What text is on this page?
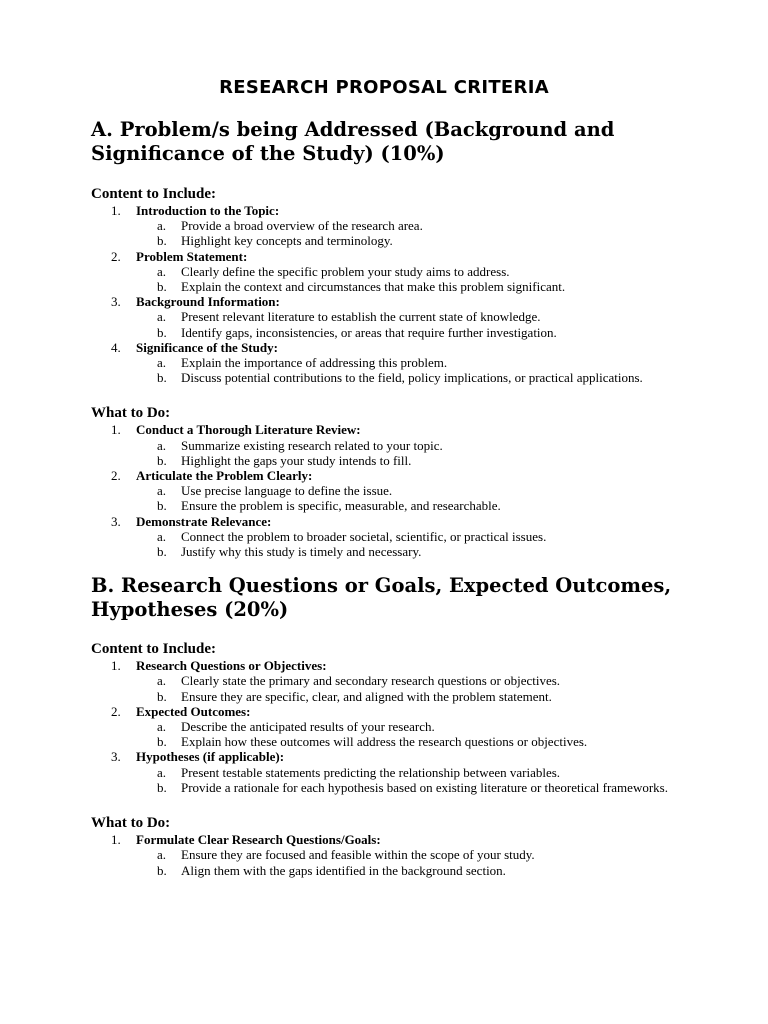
RESEARCH PROPOSAL CRITERIA
A. Problem/s being Addressed (Background and Significance of the Study) (10%)
Content to Include:
1. Introduction to the Topic:
a. Provide a broad overview of the research area.
b. Highlight key concepts and terminology.
2. Problem Statement:
a. Clearly define the specific problem your study aims to address.
b. Explain the context and circumstances that make this problem significant.
3. Background Information:
a. Present relevant literature to establish the current state of knowledge.
b. Identify gaps, inconsistencies, or areas that require further investigation.
4. Significance of the Study:
a. Explain the importance of addressing this problem.
b. Discuss potential contributions to the field, policy implications, or practical applications.
What to Do:
1. Conduct a Thorough Literature Review:
a. Summarize existing research related to your topic.
b. Highlight the gaps your study intends to fill.
2. Articulate the Problem Clearly:
a. Use precise language to define the issue.
b. Ensure the problem is specific, measurable, and researchable.
3. Demonstrate Relevance:
a. Connect the problem to broader societal, scientific, or practical issues.
b. Justify why this study is timely and necessary.
B. Research Questions or Goals, Expected Outcomes, Hypotheses (20%)
Content to Include:
1. Research Questions or Objectives:
a. Clearly state the primary and secondary research questions or objectives.
b. Ensure they are specific, clear, and aligned with the problem statement.
2. Expected Outcomes:
a. Describe the anticipated results of your research.
b. Explain how these outcomes will address the research questions or objectives.
3. Hypotheses (if applicable):
a. Present testable statements predicting the relationship between variables.
b. Provide a rationale for each hypothesis based on existing literature or theoretical frameworks.
What to Do:
1. Formulate Clear Research Questions/Goals:
a. Ensure they are focused and feasible within the scope of your study.
b. Align them with the gaps identified in the background section.
